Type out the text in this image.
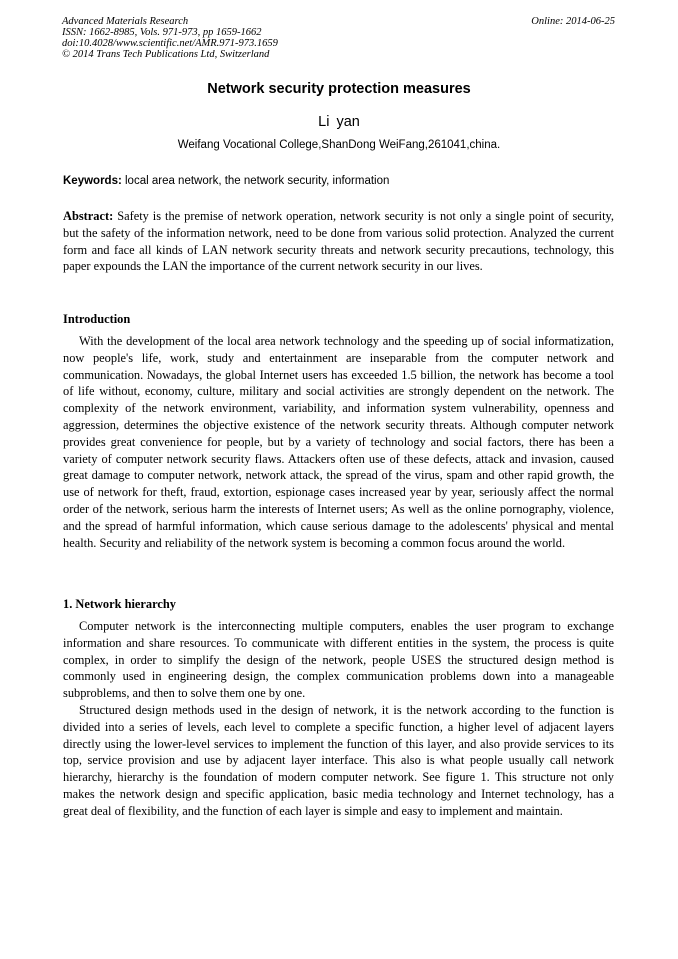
Advanced Materials Research
ISSN: 1662-8985, Vols. 971-973, pp 1659-1662
doi:10.4028/www.scientific.net/AMR.971-973.1659
© 2014 Trans Tech Publications Ltd, Switzerland
Online: 2014-06-25
Network security protection measures
Li yan
Weifang Vocational College,ShanDong WeiFang,261041,china.
Keywords: local area network, the network security, information

Abstract: Safety is the premise of network operation, network security is not only a single point of security, but the safety of the information network, need to be done from various solid protection. Analyzed the current form and face all kinds of LAN network security threats and network security precautions, technology, this paper expounds the LAN the importance of the current network security in our lives.

Introduction

With the development of the local area network technology and the speeding up of social informatization, now people's life, work, study and entertainment are inseparable from the computer network and communication. Nowadays, the global Internet users has exceeded 1.5 billion, the network has become a tool of life without, economy, culture, military and social activities are strongly dependent on the network. The complexity of the network environment, variability, and information system vulnerability, openness and aggression, determines the objective existence of the network security threats. Although computer network provides great convenience for people, but by a variety of technology and social factors, there has been a variety of computer network security flaws. Attackers often use of these defects, attack and invasion, caused great damage to computer network, network attack, the spread of the virus, spam and other rapid growth, the use of network for theft, fraud, extortion, espionage cases increased year by year, seriously affect the normal order of the network, serious harm the interests of Internet users; As well as the online pornography, violence, and the spread of harmful information, which cause serious damage to the adolescents' physical and mental health. Security and reliability of the network system is becoming a common focus around the world.

1. Network hierarchy

Computer network is the interconnecting multiple computers, enables the user program to exchange information and share resources. To communicate with different entities in the system, the process is quite complex, in order to simplify the design of the network, people USES the structured design method is commonly used in engineering design, the complex communication problems down into a manageable subproblems, and then to solve them one by one.

Structured design methods used in the design of network, it is the network according to the function is divided into a series of levels, each level to complete a specific function, a higher level of adjacent layers directly using the lower-level services to implement the function of this layer, and also provide services to its top, service provision and use by adjacent layer interface. This also is what people usually call network hierarchy, hierarchy is the foundation of modern computer network. See figure 1. This structure not only makes the network design and specific application, basic media technology and Internet technology, has a great deal of flexibility, and the function of each layer is simple and easy to implement and maintain.
